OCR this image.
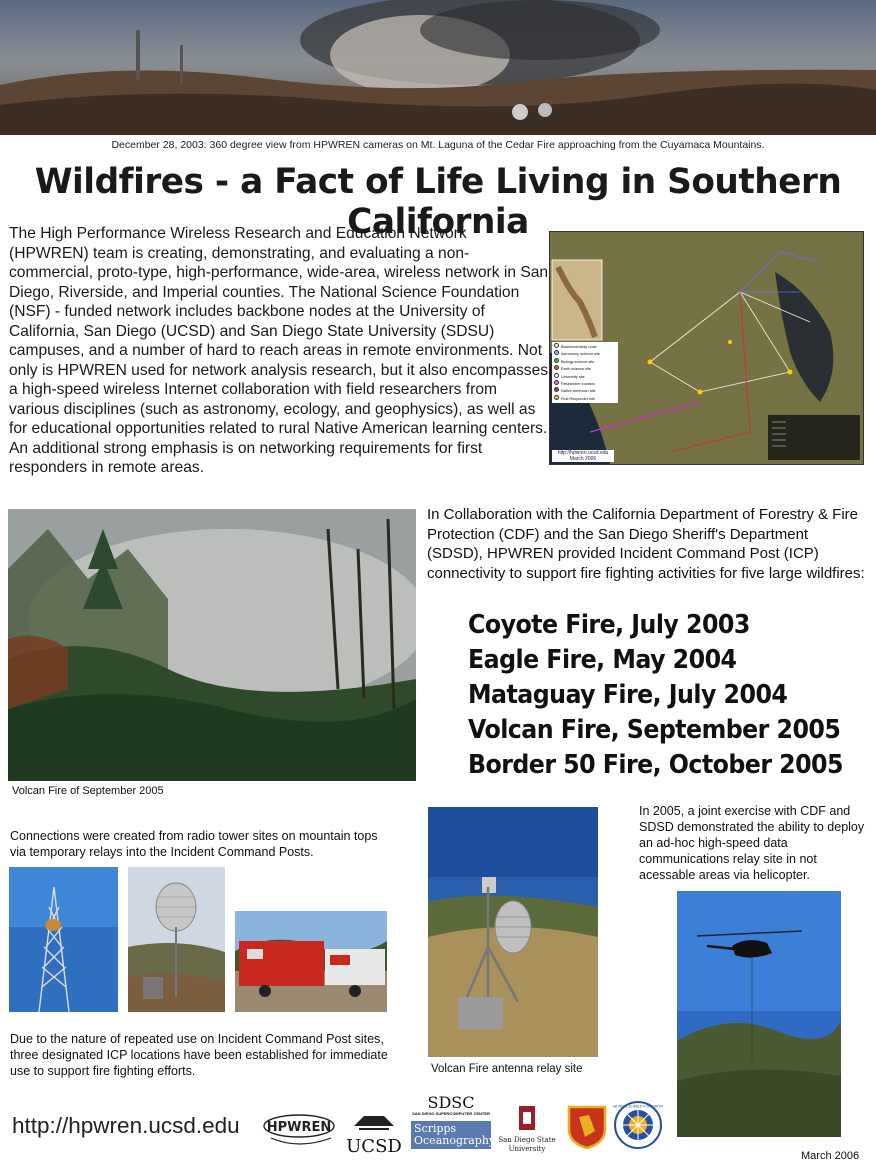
December 28, 2003: 360 degree view from HPWREN cameras on Mt. Laguna of the Cedar Fire approaching from the Cuyamaca Mountains.
Wildfires - a Fact of Life Living in Southern California
The High Performance Wireless Research and Education Network (HPWREN) team is creating, demonstrating, and evaluating a non-commercial, proto-type, high-performance, wide-area, wireless network in San Diego, Riverside, and Imperial counties. The National Science Foundation (NSF) - funded network includes backbone nodes at the University of California, San Diego (UCSD) and San Diego State University (SDSU) campuses, and a number of hard to reach areas in remote environments. Not only is HPWREN used for network analysis research, but it also encompasses a high-speed wireless Internet collaboration with field researchers from various disciplines (such as astronomy, ecology, and geophysics), as well as for educational opportunities related to rural Native American learning centers. An additional strong emphasis is on networking requirements for first responders in remote areas.
Backbone/relay node
Astronomy science site
Biology science site
Earth science site
University site
Researcher location
Native American site
First Responder site
http://hpwren.ucsd.edu
March 2006
Volcan Fire of September 2005
In Collaboration with the California Department of Forestry & Fire Protection (CDF) and the San Diego Sheriff's Department (SDSD), HPWREN provided Incident Command Post (ICP) connectivity to support fire fighting activities for five large wildfires:
Coyote Fire, July 2003
Eagle Fire, May 2004
Mataguay Fire, July 2004
Volcan Fire, September 2005
Border 50 Fire, October 2005
Connections were created from radio tower sites on mountain tops via temporary relays into the Incident Command Posts.
Due to the nature of repeated use on Incident Command Post sites, three designated ICP locations have been established for immediate use to support fire fighting efforts.	Volcan Fire antenna relay site
In 2005, a joint exercise with CDF and SDSD demonstrated the ability to deploy an ad-hoc high-speed data communications relay site in not acessable areas via helicopter.
http://hpwren.ucsd.edu HPWREN
UCSD
SDSC
SAN DIEGO SUPERCOMPUTER CENTER
Scripps
Oceanography San Diego State
University
NATIONAL SCIENCE FOUNDATION
March 2006
